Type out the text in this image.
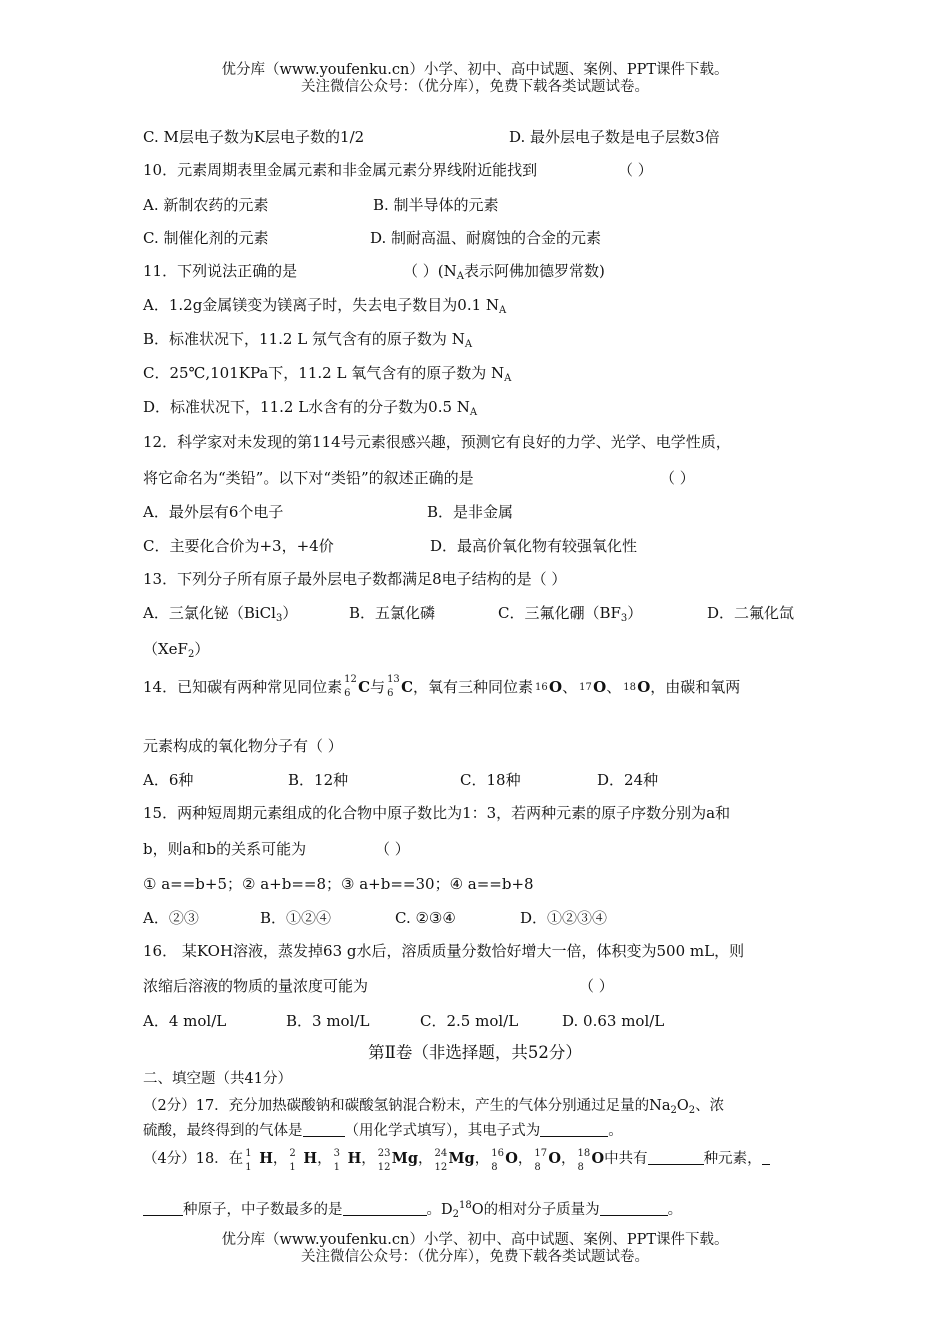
优分库（www.youfenku.cn）小学、初中、高中试题、案例、PPT课件下载。
关注微信公众号：（优分库），免费下载各类试题试卷。
C. M层电子数为K层电子数的1/2	D. 最外层电子数是电子层数3倍
10．元素周期表里金属元素和非金属元素分界线附近能找到	（ ）
A. 新制农药的元素	B. 制半导体的元素
C. 制催化剂的元素	D. 制耐高温、耐腐蚀的合金的元素
11．下列说法正确的是	（ ）($N_A$表示阿佛加德罗常数)
A．1.2g金属镁变为镁离子时，失去电子数目为0.1 $N_A$
B．标准状况下，11.2 L 氖气含有的原子数为 $N_A$
C．25℃,101KPa下，11.2 L 氧气含有的原子数为 $N_A$
D．标准状况下，11.2 L水含有的分子数为0.5 $N_A$
12．科学家对未发现的第114号元素很感兴趣，预测它有良好的力学、光学、电学性质，
将它命名为“类铅”。以下对“类铅”的叙述正确的是	（ ）
A．最外层有6个电子	B．是非金属
C．主要化合价为+3，+4价	D．最高价氧化物有较强氧化性
13．下列分子所有原子最外层电子数都满足8电子结构的是（ ）
A．三氯化铋（BiCl$_3$）	B．五氯化磷	C．三氟化硼$(BF_3)$	D．二氟化氙
（XeF$_2$）
14．已知碳有两种常见同位素 12
6 C与 13
6 C，氧有三种同位素 16 O、 17 O、 18 O，由碳和氧两
元素构成的氧化物分子有（ ）
A．6种	B．12种	C．18种	D．24种
15．两种短周期元素组成的化合物中原子数比为1：3，若两种元素的原子序数分别为a和
b，则a和b的关系可能为	（ ）
① a==b+5；② a+b==8；③ a+b==30；④ a==b+8
A．②③	B．①②④	C. ②③④	D．①②③④
16． 某KOH溶液，蒸发掉63 g水后，溶质质量分数恰好增大一倍，体积变为500 mL，则
浓缩后溶液的物质的量浓度可能为	（ ）
A．4 mol/L	B．3 mol/L	C．2.5 mol/L	D. 0.63 mol/L
第Ⅱ卷（非选择题，共52分）
二、填空题（共41分）
（2分）17．充分加热碳酸钠和碳酸氢钠混合粉末，产生的气体分别通过足量的$Na_2O_2$、浓
硫酸，最终得到的气体是	（用化学式填写），其电子式为	。
（4分）18．在 1
1
H， 2
1
H， 3
1
H， 23
12
Mg， 24
12
Mg， 16
8
O， 17
8
O， 18
8
O中共有	种元素，
种原子，中子数最多的是	。$D_2^{18}O$的相对分子质量为	。
优分库（www.youfenku.cn）小学、初中、高中试题、案例、PPT课件下载。
关注微信公众号：（优分库），免费下载各类试题试卷。
